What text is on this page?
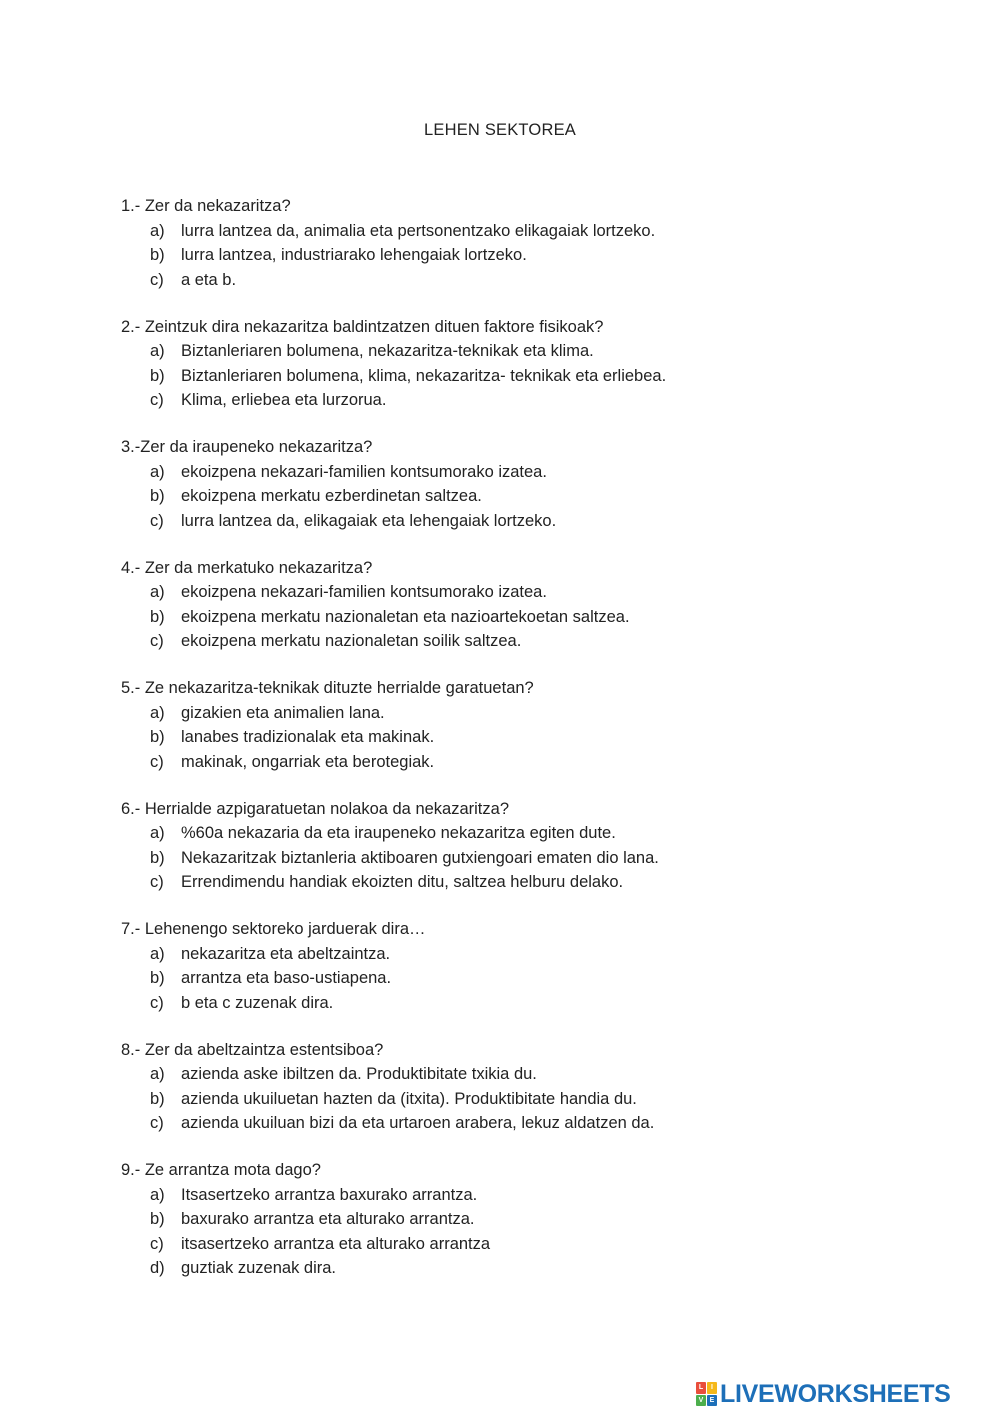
LEHEN SEKTOREA
1.- Zer da nekazaritza?
a) lurra lantzea da, animalia eta pertsonentzako elikagaiak lortzeko.
b) lurra lantzea, industriarako lehengaiak lortzeko.
c) a eta b.
2.- Zeintzuk dira nekazaritza baldintzatzen dituen faktore fisikoak?
a) Biztanleriaren bolumena, nekazaritza-teknikak eta klima.
b) Biztanleriaren bolumena, klima, nekazaritza- teknikak eta erliebea.
c) Klima, erliebea eta lurzorua.
3.-Zer da iraupeneko nekazaritza?
a) ekoizpena nekazari-familien kontsumorako izatea.
b) ekoizpena merkatu ezberdinetan saltzea.
c) lurra lantzea da, elikagaiak eta lehengaiak lortzeko.
4.- Zer da merkatuko nekazaritza?
a) ekoizpena nekazari-familien kontsumorako izatea.
b) ekoizpena merkatu nazionaletan eta nazioartekoetan saltzea.
c) ekoizpena merkatu nazionaletan soilik saltzea.
5.- Ze nekazaritza-teknikak dituzte herrialde garatuetan?
a) gizakien eta animalien lana.
b) lanabes tradizionalak eta makinak.
c) makinak, ongarriak eta berotegiak.
6.- Herrialde azpigaratuetan nolakoa da nekazaritza?
a) %60a nekazaria da eta iraupeneko nekazaritza egiten dute.
b) Nekazaritzak biztanleria aktiboaren gutxiengoari ematen dio lana.
c) Errendimendu handiak ekoizten ditu, saltzea helburu delako.
7.- Lehenengo sektoreko jarduerak dira…
a) nekazaritza eta abeltzaintza.
b) arrantza eta baso-ustiapena.
c) b eta c zuzenak dira.
8.- Zer da abeltzaintza estentsiboa?
a) azienda aske ibiltzen da. Produktibitate txikia du.
b) azienda ukuiluetan hazten da (itxita). Produktibitate handia du.
c) azienda ukuiluan bizi da eta urtaroen arabera, lekuz aldatzen da.
9.- Ze arrantza mota dago?
a) Itsasertzeko arrantza baxurako arrantza.
b) baxurako arrantza eta alturako arrantza.
c) itsasertzeko arrantza eta alturako arrantza
d) guztiak zuzenak dira.
L	I
V E LIVEWORKSHEETS
